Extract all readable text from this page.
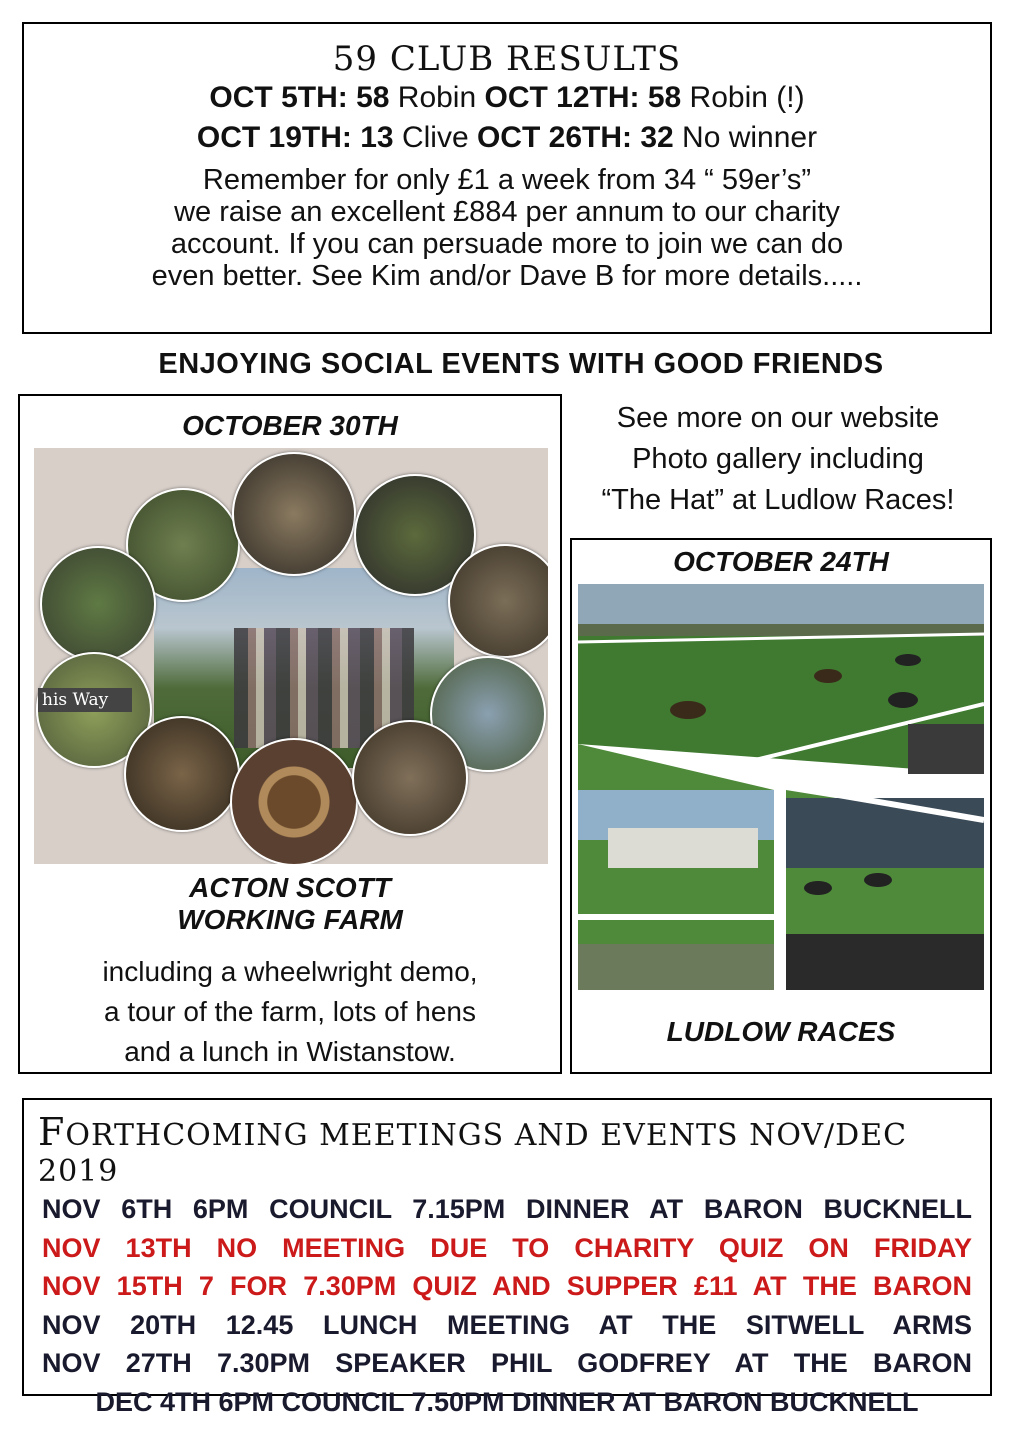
59 CLUB RESULTS
OCT 5TH: 58 Robin OCT 12TH: 58 Robin (!)
OCT 19TH: 13 Clive OCT 26TH: 32 No winner
Remember for only £1 a week from 34 “ 59er’s”
we raise an excellent £884 per annum to our charity
account. If you can persuade more to join we can do
even better. See Kim and/or Dave B for more details.....
ENJOYING SOCIAL EVENTS WITH GOOD FRIENDS
OCTOBER 30TH
his Way
ACTON SCOTT
WORKING FARM
including a wheelwright demo,
a tour of the farm, lots of hens
and a lunch in Wistanstow.
See more on our website
Photo gallery including
“The Hat” at Ludlow Races!
OCTOBER 24TH
LUDLOW RACES
FORTHCOMING MEETINGS AND EVENTS NOV/DEC 2019
NOV 6TH 6PM COUNCIL 7.15PM DINNER AT BARON BUCKNELL
NOV 13TH NO MEETING DUE TO CHARITY QUIZ ON FRIDAY
NOV 15TH 7 FOR 7.30PM QUIZ AND SUPPER £11 AT THE BARON
NOV 20TH 12.45 LUNCH MEETING AT THE SITWELL ARMS
NOV 27TH 7.30PM SPEAKER PHIL GODFREY AT THE BARON
DEC 4TH 6PM COUNCIL 7.50PM DINNER AT BARON BUCKNELL
